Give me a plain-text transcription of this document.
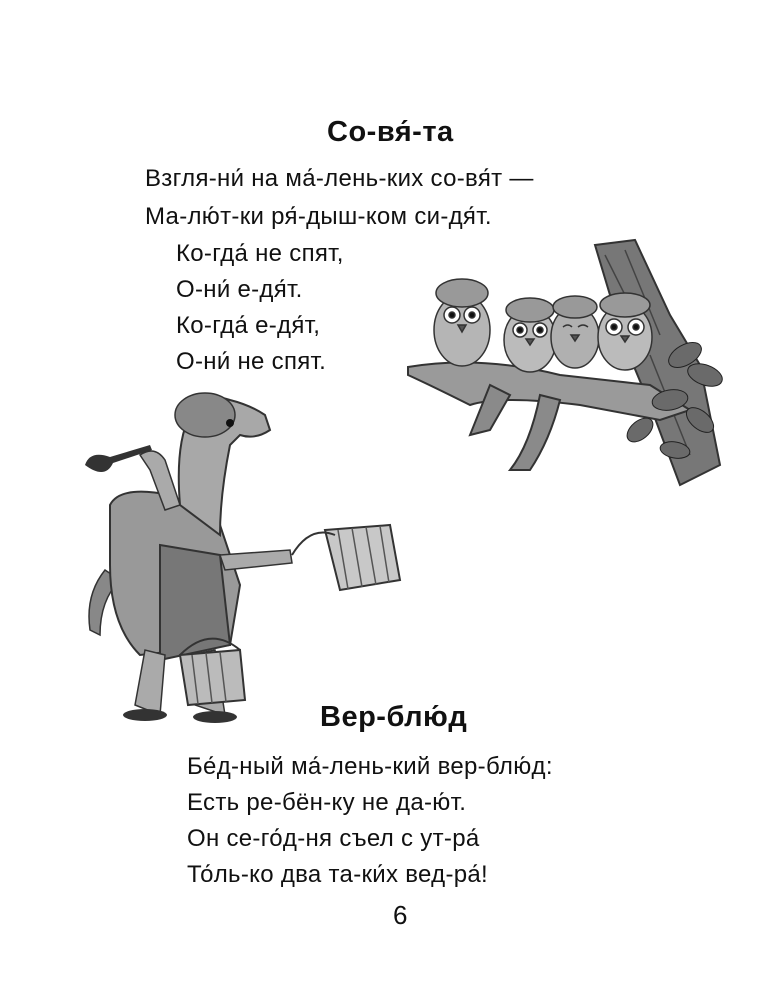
Со-вя́-та
Взгля-ни́ на ма́-лень-ких со-вя́т —
Ма-лю́т-ки ря́-дыш-ком си-дя́т.
Ко-гда́ не спят,
О-ни́ е-дя́т.
Ко-гда́ е-дя́т,
О-ни́ не спят.
Вер-блю́д
Бе́д-ный ма́-лень-кий вер-блю́д:
Есть ре-бён-ку не да-ю́т.
Он се-го́д-ня съел с ут-ра́
То́ль-ко два та-ки́х вед-ра́!
6
